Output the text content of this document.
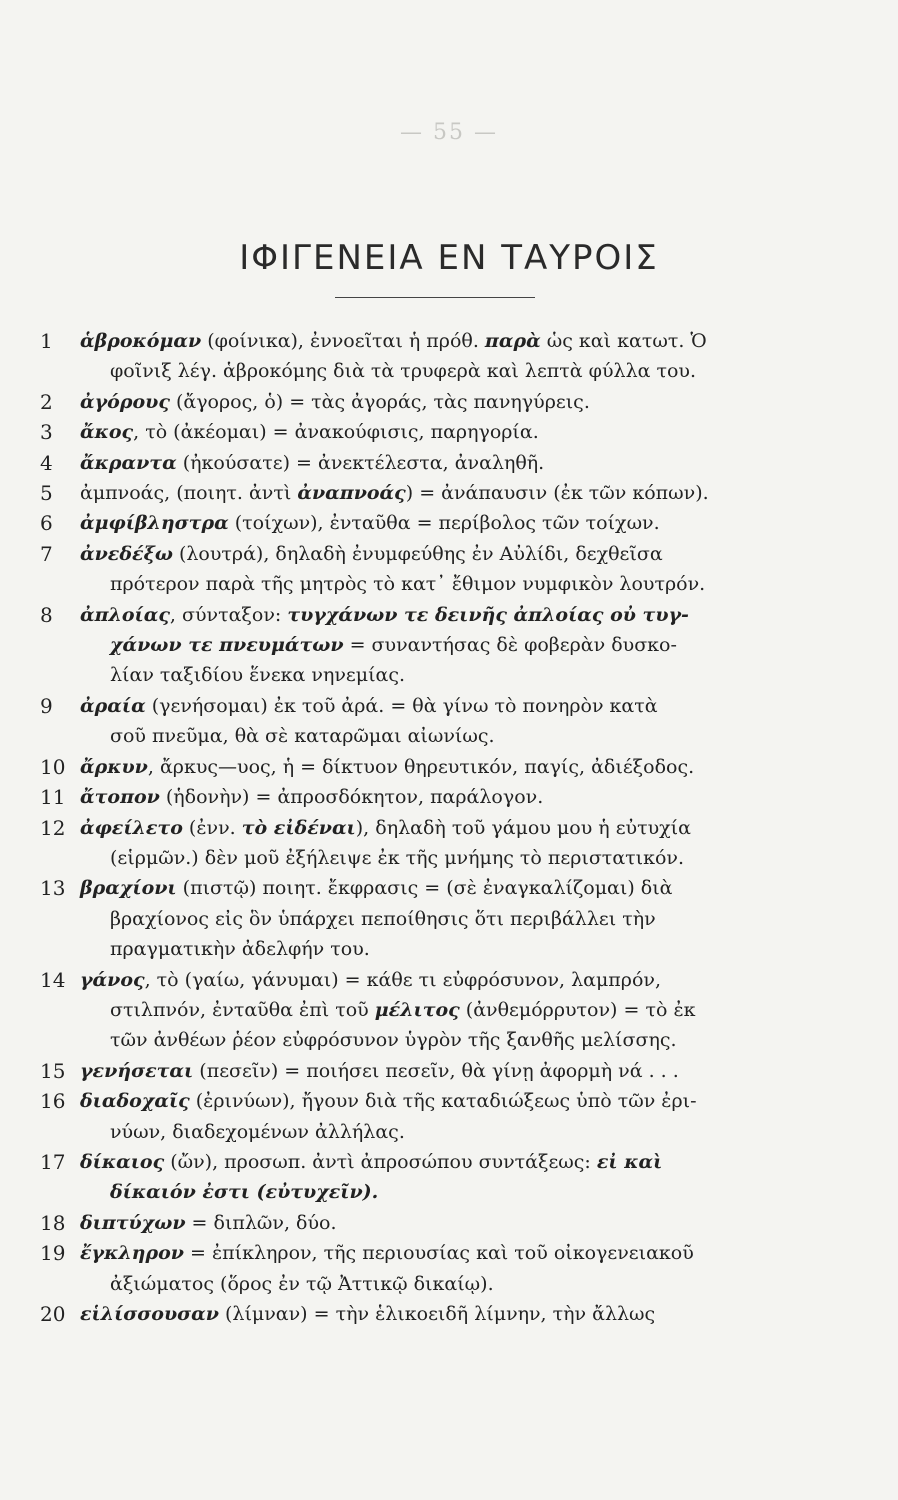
— 55 —
ΙΦΙΓΕΝΕΙΑ ΕΝ ΤΑΥΡΟΙΣ
1	ἁβροκόμαν (φοίνικα), ἐννοεῖται ἡ πρόθ. παρὰ ὡς καὶ κατωτ. Ὁ
φοῖνιξ λέγ. ἁβροκόμης διὰ τὰ τρυφερὰ καὶ λεπτὰ φύλλα του.
2	ἀγόρους (ἄγορος, ὁ) = τὰς ἀγοράς, τὰς πανηγύρεις.
3	ἄκος, τὸ (ἀκέομαι) = ἀνακούφισις, παρηγορία.
4	ἄκραντα (ἠκούσατε) = ἀνεκτέλεστα, ἀναληθῆ.
5	ἀμπνοάς, (ποιητ. ἀντὶ ἀναπνοάς) = ἀνάπαυσιν (ἐκ τῶν κόπων).
6	ἀμφίβληστρα (τοίχων), ἐνταῦθα = περίβολος τῶν τοίχων.
7	ἀνεδέξω (λουτρά), δηλαδὴ ἐνυμφεύθης ἐν Αὐλίδι, δεχθεῖσα
πρότερον παρὰ τῆς μητρὸς τὸ κατ᾽ ἔθιμον νυμφικὸν λουτρόν.
8	ἀπλοίας, σύνταξον: τυγχάνων τε δεινῆς ἀπλοίας οὐ τυγ-
χάνων τε πνευμάτων = συναντήσας δὲ φοβερὰν δυσκο-
λίαν ταξιδίου ἕνεκα νηνεμίας.
9	ἀραία (γενήσομαι) ἐκ τοῦ ἀρά. = θὰ γίνω τὸ πονηρὸν κατὰ
σοῦ πνεῦμα, θὰ σὲ καταρῶμαι αἰωνίως.
10 ἄρκυν, ἄρκυς—υος, ἡ = δίκτυον θηρευτικόν, παγίς, ἀδιέξοδος.
11 ἄτοπον (ἡδονὴν) = ἀπροσδόκητον, παράλογον.
12 ἀφείλετο (ἐνν. τὸ εἰδέναι), δηλαδὴ τοῦ γάμου μου ἡ εὐτυχία
(εἱρμῶν.) δὲν μοῦ ἐξήλειψε ἐκ τῆς μνήμης τὸ περιστατικόν.
13 βραχίονι (πιστῷ) ποιητ. ἔκφρασις = (σὲ ἐναγκαλίζομαι) διὰ
βραχίονος εἰς ὃν ὑπάρχει πεποίθησις ὅτι περιβάλλει τὴν
πραγματικὴν ἀδελφήν του.
14 γάνος, τὸ (γαίω, γάνυμαι) = κάθε τι εὐφρόσυνον, λαμπρόν,
στιλπνόν, ἐνταῦθα ἐπὶ τοῦ μέλιτος (ἀνθεμόρρυτον) = τὸ ἐκ
τῶν ἀνθέων ῥέον εὐφρόσυνον ὑγρὸν τῆς ξανθῆς μελίσσης.
15 γενήσεται (πεσεῖν) = ποιήσει πεσεῖν, θὰ γίνῃ ἀφορμὴ νά . . .
16 διαδοχαῖς (ἐρινύων), ἤγουν διὰ τῆς καταδιώξεως ὑπὸ τῶν ἐρι-
νύων, διαδεχομένων ἀλλήλας.
17 δίκαιος (ὤν), προσωπ. ἀντὶ ἀπροσώπου συντάξεως: εἰ καὶ
δίκαιόν ἐστι (εὐτυχεῖν).
18 διπτύχων = διπλῶν, δύο.
19 ἔγκληρον = ἐπίκληρον, τῆς περιουσίας καὶ τοῦ οἰκογενειακοῦ
ἀξιώματος (ὅρος ἐν τῷ Ἀττικῷ δικαίῳ).
20 εἱλίσσουσαν (λίμναν) = τὴν ἑλικοειδῆ λίμνην, τὴν ἄλλως
